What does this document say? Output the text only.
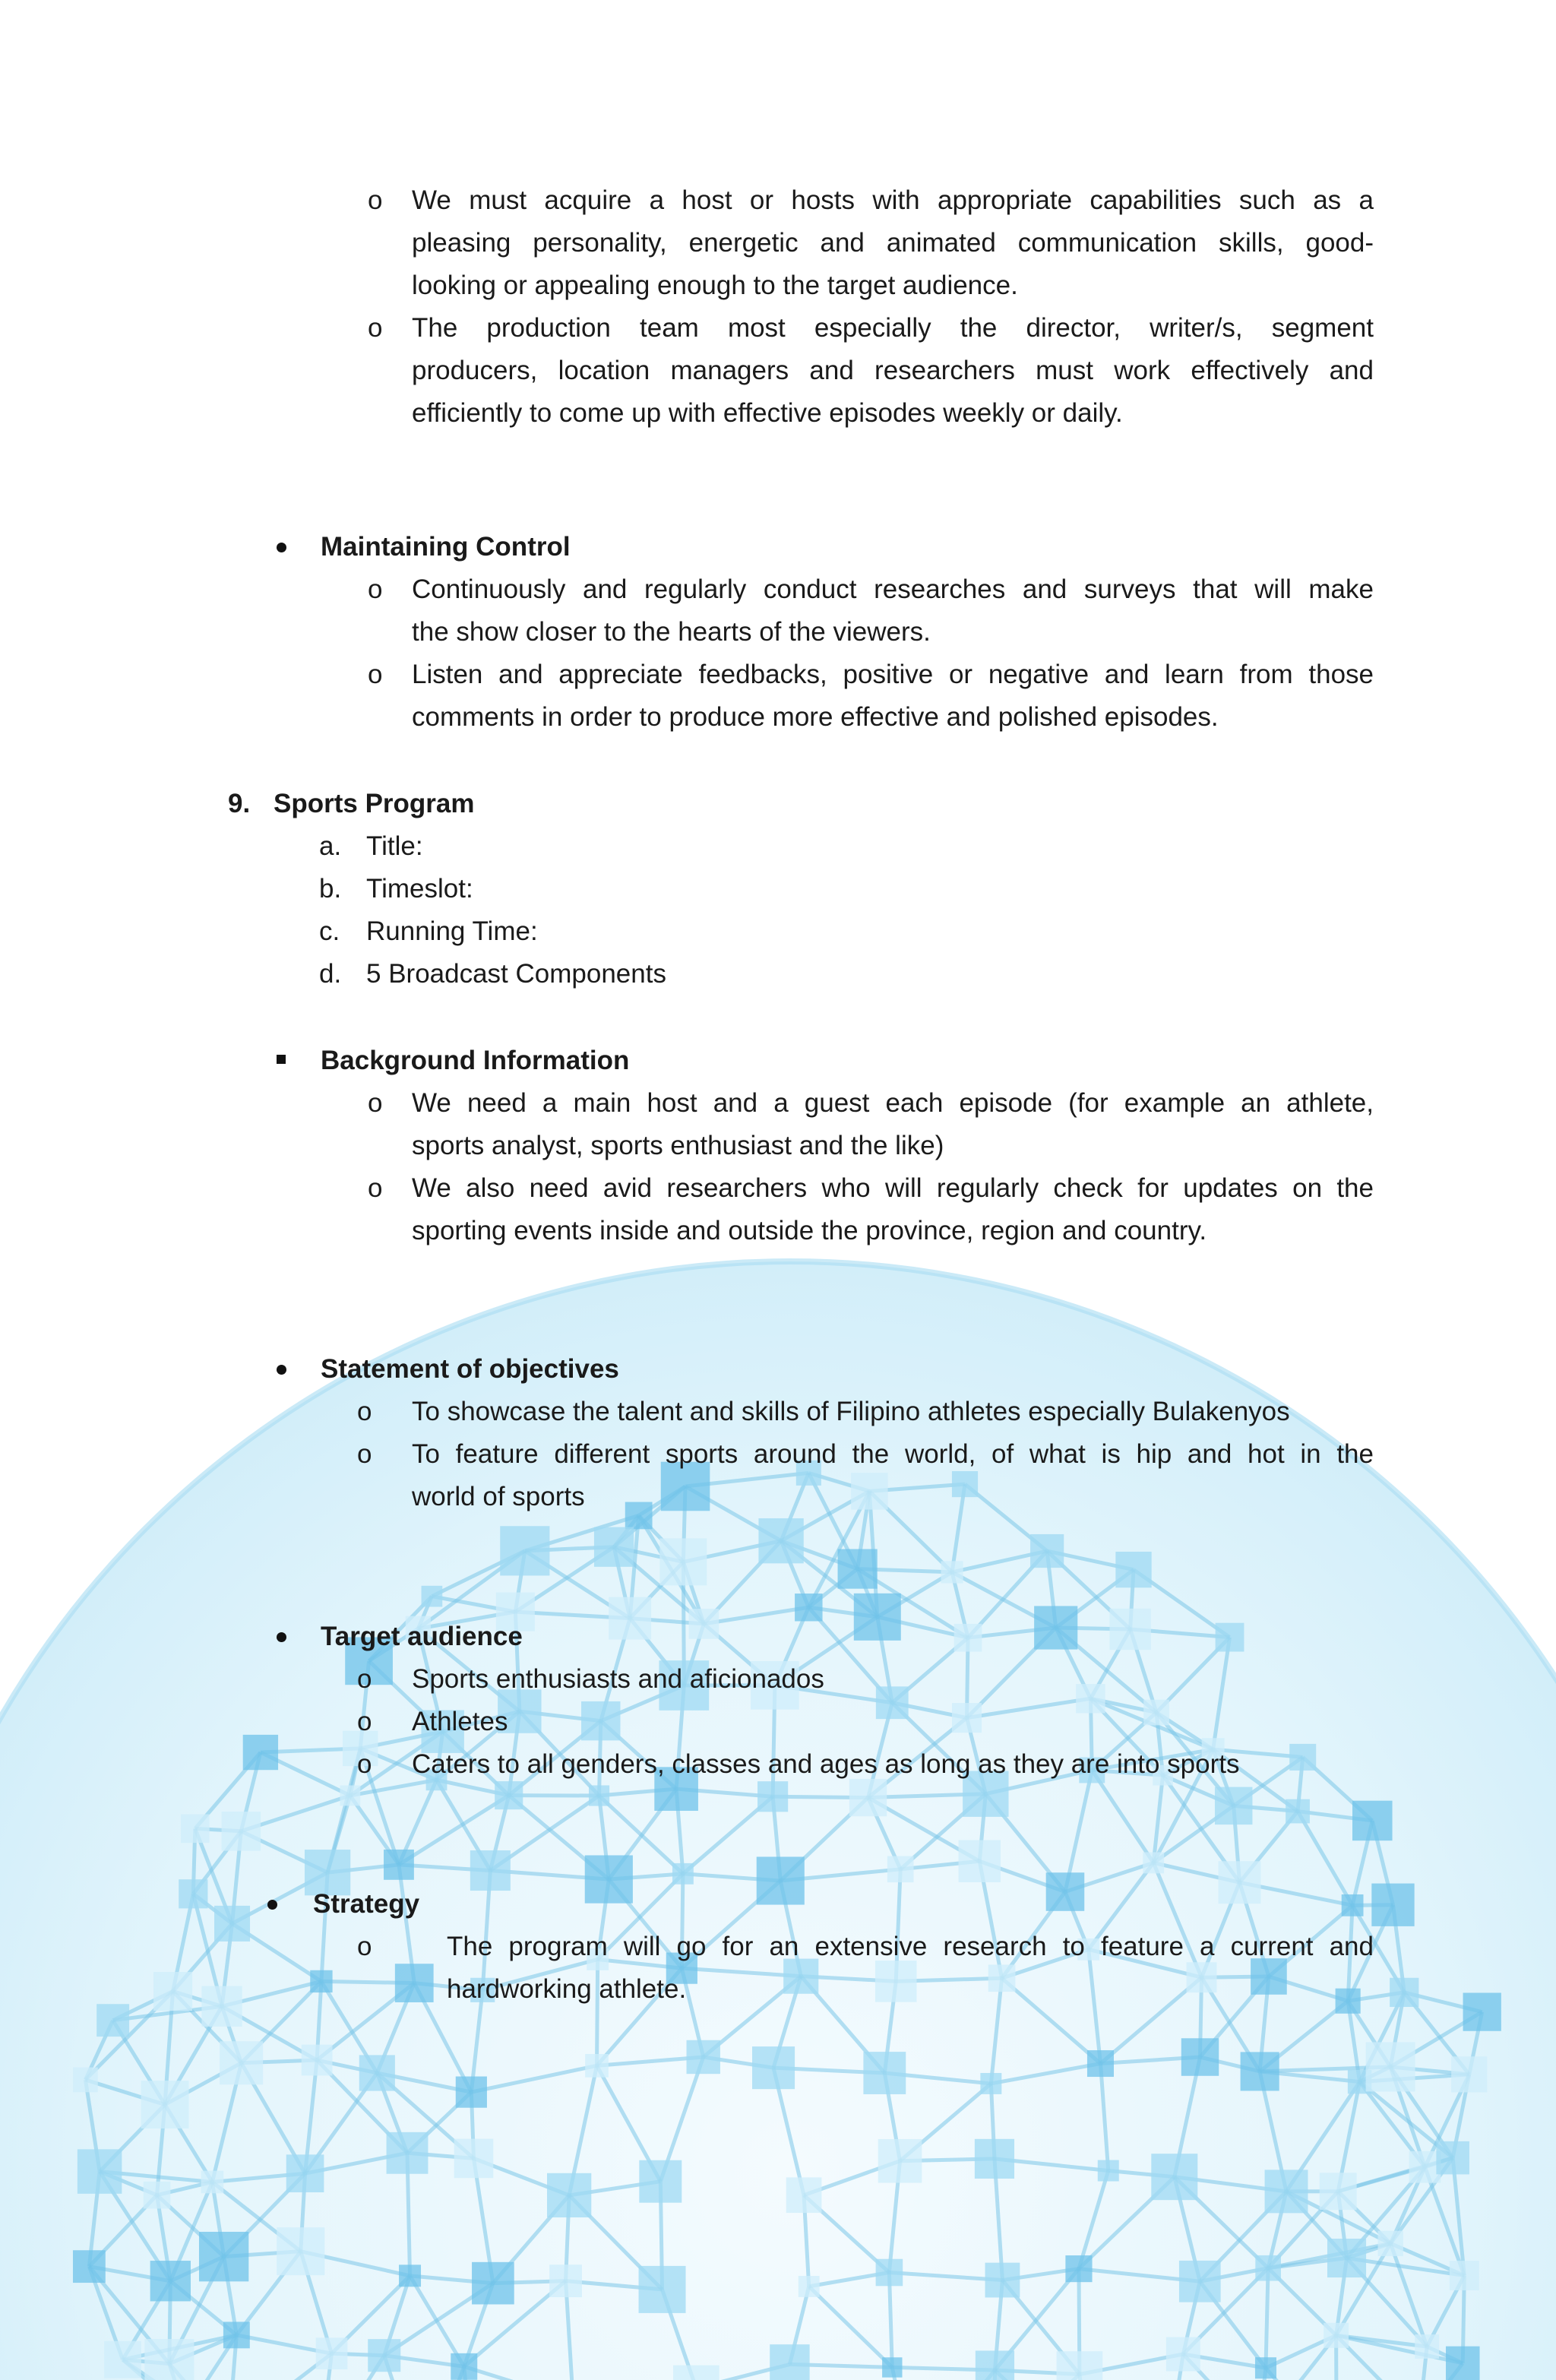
o We must acquire a host or hosts with appropriate capabilities such as a
pleasing personality, energetic and animated communication skills, good-
looking or appealing enough to the target audience.
o The production team most especially the director, writer/s, segment
producers, location managers and researchers must work effectively and
efficiently to come up with effective episodes weekly or daily.
Maintaining Control
o Continuously and regularly conduct researches and surveys that will make
the show closer to the hearts of the viewers.
o Listen and appreciate feedbacks, positive or negative and learn from those
comments in order to produce more effective and polished episodes.
9. Sports Program
a. Title:
b. Timeslot:
c. Running Time:
d. 5 Broadcast Components
Background Information
o We need a main host and a guest each episode (for example an athlete,
sports analyst, sports enthusiast and the like)
o We also need avid researchers who will regularly check for updates on the
sporting events inside and outside the province, region and country.
Statement of objectives
o To showcase the talent and skills of Filipino athletes especially Bulakenyos
o To feature different sports around the world, of what is hip and hot in the
world of sports
Target audience
o Sports enthusiasts and aficionados
o Athletes
o Caters to all genders, classes and ages as long as they are into sports
Strategy
o	The program will go for an extensive research to feature a current and
hardworking athlete.
